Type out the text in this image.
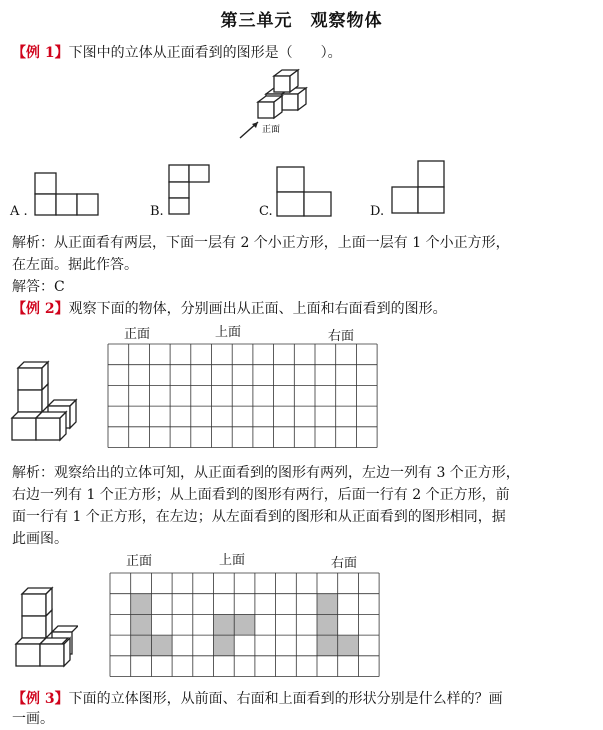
第三单元　观察物体
【例 1】下图中的立体从正面看到的图形是（　　）。
正面
A .	B.	C.	D.
解析：从正面看有两层，下面一层有 2 个小正方形，上面一层有 1 个小正方形，
在左面。据此作答。
解答：C
【例 2】观察下面的物体，分别画出从正面、上面和右面看到的图形。
正面	上面	右面
解析：观察给出的立体可知，从正面看到的图形有两列，左边一列有 3 个正方形，
右边一列有 1 个正方形；从上面看到的图形有两行，后面一行有 2 个正方形，前
面一行有 1 个正方形，在左边；从左面看到的图形和从正面看到的图形相同，据
此画图。
正面	上面	右面
【例 3】下面的立体图形，从前面、右面和上面看到的形状分别是什么样的？画
一画。
